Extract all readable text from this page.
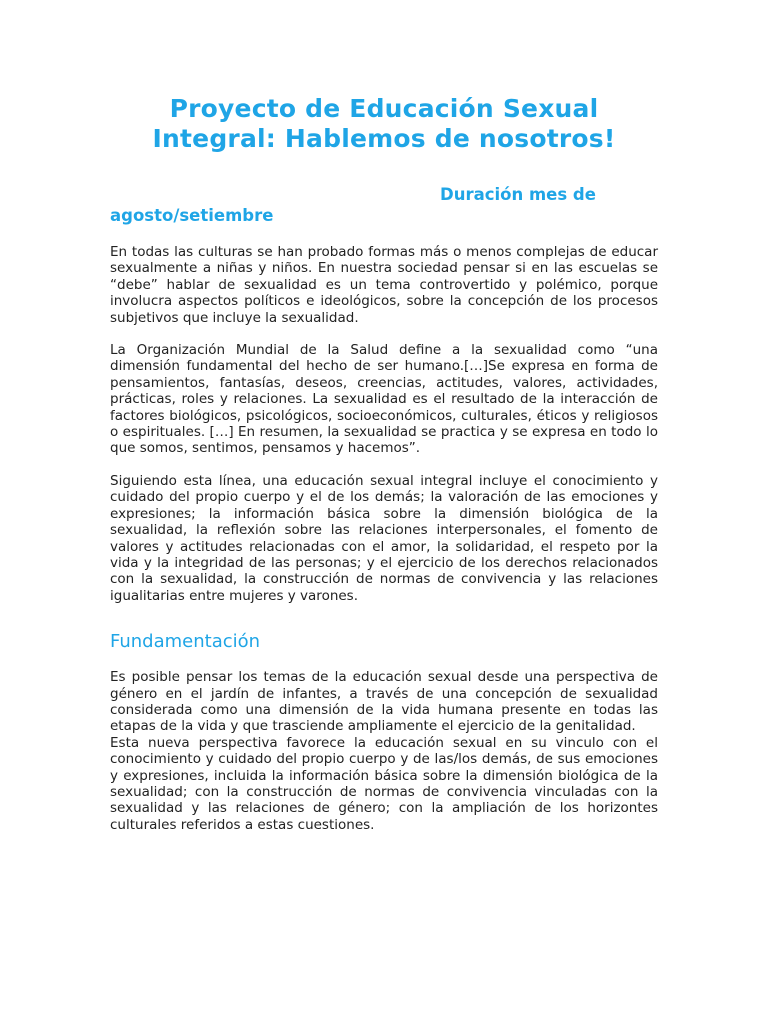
Proyecto de Educación Sexual Integral: Hablemos de nosotros!

Duración mes de
agosto/setiembre

En todas las culturas se han probado formas más o menos complejas de educar sexualmente a niñas y niños. En nuestra sociedad pensar si en las escuelas se “debe” hablar de sexualidad es un tema controvertido y polémico, porque involucra aspectos políticos e ideológicos, sobre la concepción de los procesos subjetivos que incluye la sexualidad.

La Organización Mundial de la Salud define a la sexualidad como “una dimensión fundamental del hecho de ser humano.[…]Se expresa en forma de pensamientos, fantasías, deseos, creencias, actitudes, valores, actividades, prácticas, roles y relaciones. La sexualidad es el resultado de la interacción de factores biológicos, psicológicos, socioeconómicos, culturales, éticos y religiosos o espirituales. […] En resumen, la sexualidad se practica y se expresa en todo lo que somos, sentimos, pensamos y hacemos”.

Siguiendo esta línea, una educación sexual integral incluye el conocimiento y cuidado del propio cuerpo y el de los demás; la valoración de las emociones y expresiones; la información básica sobre la dimensión biológica de la sexualidad, la reflexión sobre las relaciones interpersonales, el fomento de valores y actitudes relacionadas con el amor, la solidaridad, el respeto por la vida y la integridad de las personas; y el ejercicio de los derechos relacionados con la sexualidad, la construcción de normas de convivencia y las relaciones igualitarias entre mujeres y varones.

Fundamentación

Es posible pensar los temas de la educación sexual desde una perspectiva de género en el jardín de infantes, a través de una concepción de sexualidad considerada como una dimensión de la vida humana presente en todas las etapas de la vida y que trasciende ampliamente el ejercicio de la genitalidad.

Esta nueva perspectiva favorece la educación sexual en su vinculo con el conocimiento y cuidado del propio cuerpo y de las/los demás, de sus emociones y expresiones, incluida la información básica sobre la dimensión biológica de la sexualidad; con la construcción de normas de convivencia vinculadas con la sexualidad y las relaciones de género; con la ampliación de los horizontes culturales referidos a estas cuestiones.
